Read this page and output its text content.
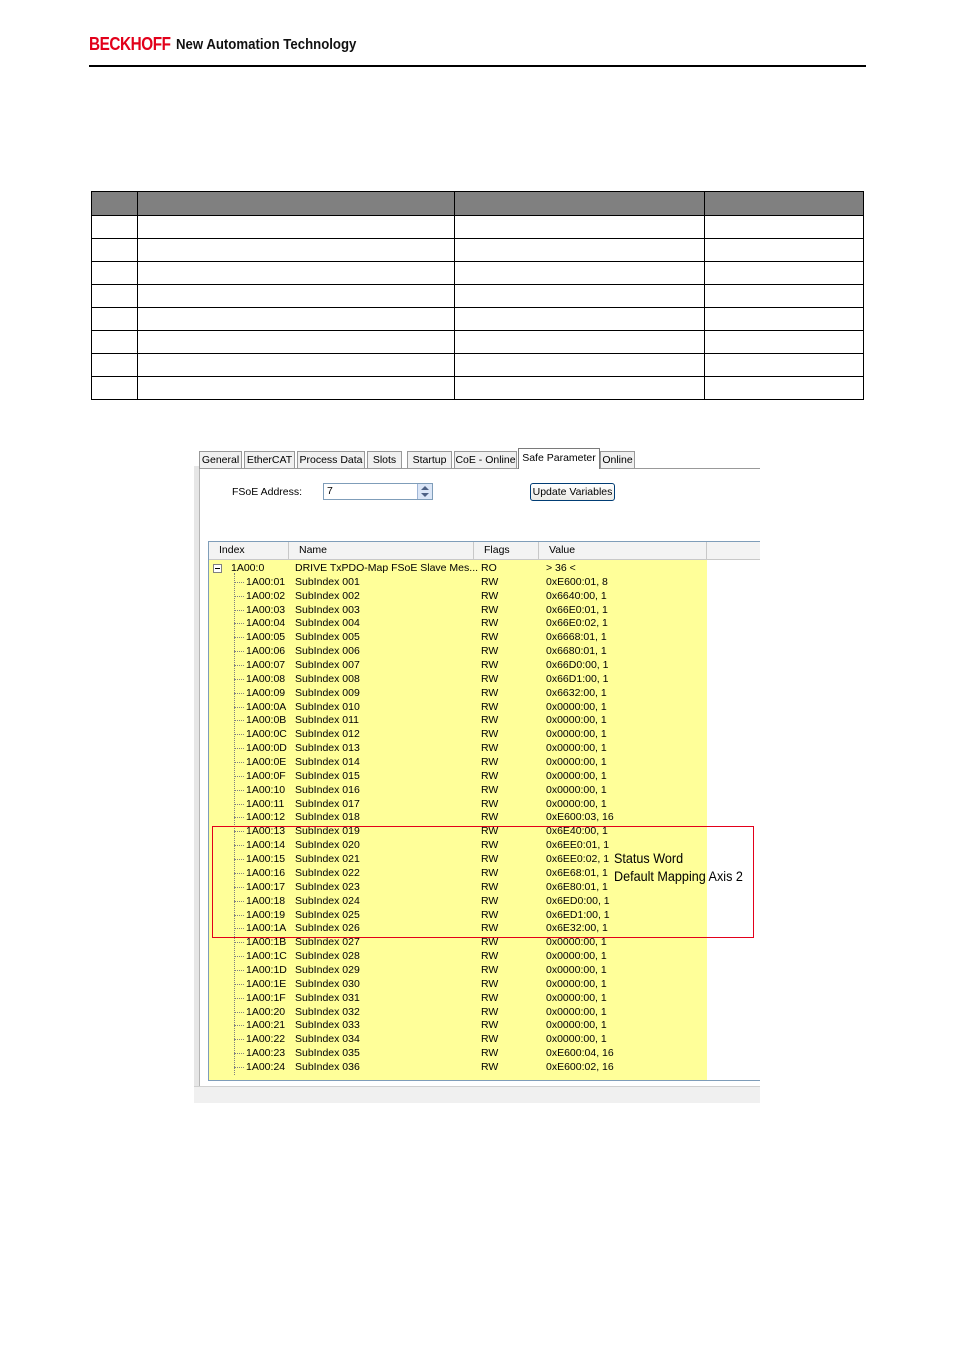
BECKHOFF New Automation Technology

General EtherCAT Process Data Slots	Startup CoE - Online Safe Parameter Online
FSoE Address:	7	Update Variables
Index	Name	Flags	Value
1A00:0	DRIVE TxPDO-Map FSoE Slave Mes... RO	> 36 <
1A00:01 SubIndex 001	RW	0xE600:01, 8
1A00:02 SubIndex 002	RW	0x6640:00, 1
1A00:03 SubIndex 003	RW	0x66E0:01, 1
1A00:04 SubIndex 004	RW	0x66E0:02, 1
1A00:05 SubIndex 005	RW	0x6668:01, 1
1A00:06 SubIndex 006	RW	0x6680:01, 1
1A00:07 SubIndex 007	RW	0x66D0:00, 1
1A00:08 SubIndex 008	RW	0x66D1:00, 1
1A00:09 SubIndex 009	RW	0x6632:00, 1
1A00:0A SubIndex 010	RW	0x0000:00, 1
1A00:0B SubIndex 011	RW	0x0000:00, 1
1A00:0C SubIndex 012	RW	0x0000:00, 1
1A00:0D SubIndex 013	RW	0x0000:00, 1
1A00:0E SubIndex 014	RW	0x0000:00, 1
1A00:0F SubIndex 015	RW	0x0000:00, 1
1A00:10 SubIndex 016	RW	0x0000:00, 1
1A00:11 SubIndex 017	RW	0x0000:00, 1
1A00:12 SubIndex 018	RW	0xE600:03, 16
1A00:13 SubIndex 019	RW	0x6E40:00, 1
1A00:14 SubIndex 020	RW	0x6EE0:01, 1
1A00:15 SubIndex 021	RW	0x6EE0:02, 1
1A00:16 SubIndex 022	RW	0x6E68:01, 1
1A00:17 SubIndex 023	RW	0x6E80:01, 1
1A00:18 SubIndex 024	RW	0x6ED0:00, 1
1A00:19 SubIndex 025	RW	0x6ED1:00, 1
1A00:1A SubIndex 026	RW	0x6E32:00, 1
1A00:1B SubIndex 027	RW	0x0000:00, 1
1A00:1C SubIndex 028	RW	0x0000:00, 1
1A00:1D SubIndex 029	RW	0x0000:00, 1
1A00:1E SubIndex 030	RW	0x0000:00, 1
1A00:1F SubIndex 031	RW	0x0000:00, 1
1A00:20 SubIndex 032	RW	0x0000:00, 1
1A00:21 SubIndex 033	RW	0x0000:00, 1
1A00:22 SubIndex 034	RW	0x0000:00, 1
1A00:23 SubIndex 035	RW	0xE600:04, 16
1A00:24 SubIndex 036	RW	0xE600:02, 16
Status Word
Default Mapping Axis 2
